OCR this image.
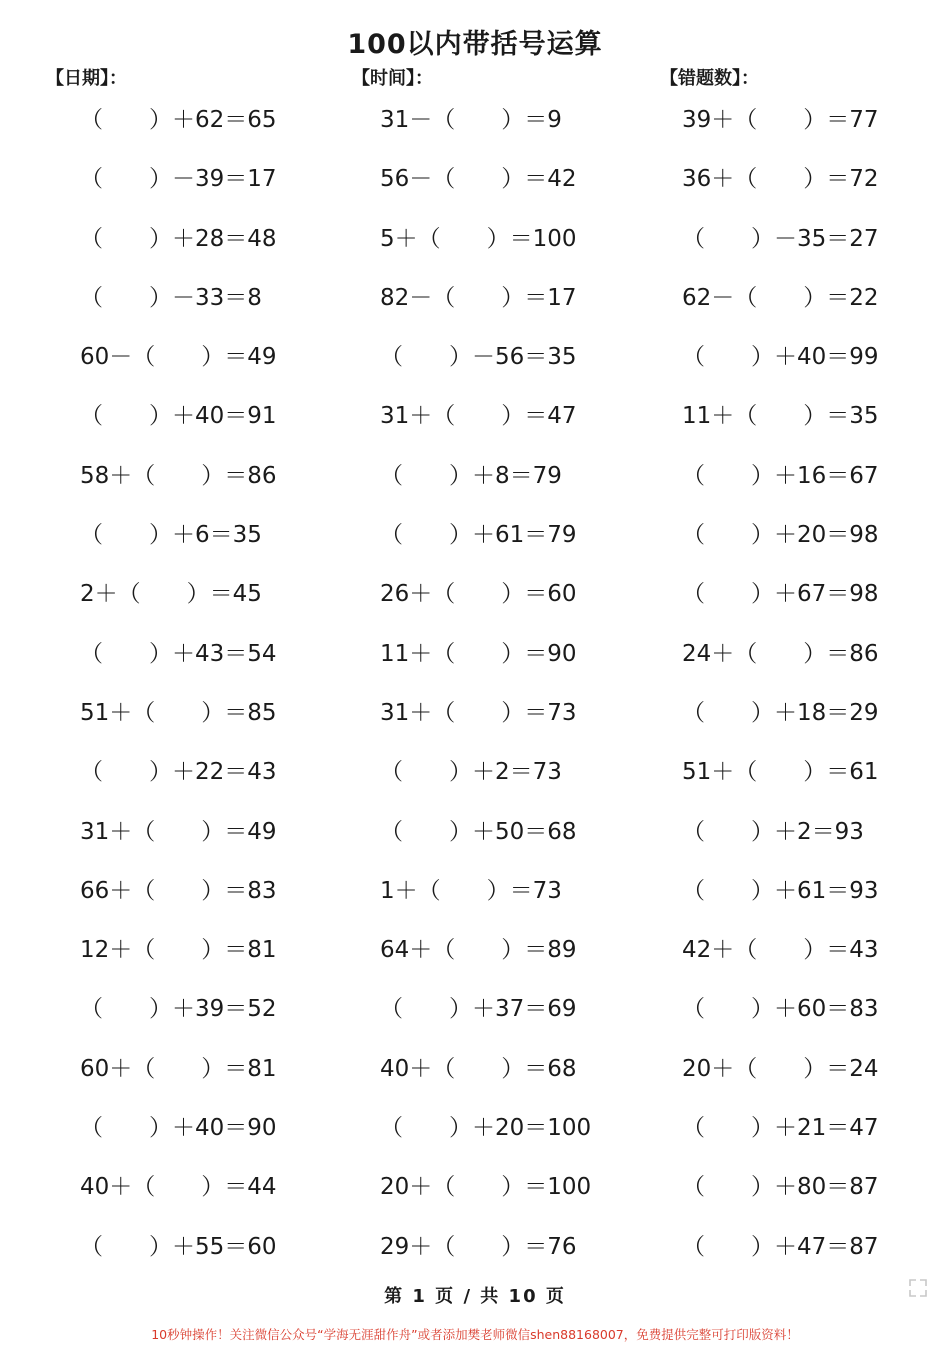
100以内带括号运算
【日期】：	【时间】：	【错题数】：
（　　）＋62＝65	31－（　　）＝9	39＋（　　）＝77
（　　）－39＝17	56－（　　）＝42	36＋（　　）＝72
（　　）＋28＝48	5＋（　　）＝100	（　　）－35＝27
（　　）－33＝8	82－（　　）＝17	62－（　　）＝22
60－（　　）＝49	（　　）－56＝35	（　　）＋40＝99
（　　）＋40＝91	31＋（　　）＝47	11＋（　　）＝35
58＋（　　）＝86	（　　）＋8＝79	（　　）＋16＝67
（　　）＋6＝35	（　　）＋61＝79	（　　）＋20＝98
2＋（　　）＝45	26＋（　　）＝60	（　　）＋67＝98
（　　）＋43＝54	11＋（　　）＝90	24＋（　　）＝86
51＋（　　）＝85	31＋（　　）＝73	（　　）＋18＝29
（　　）＋22＝43	（　　）＋2＝73	51＋（　　）＝61
31＋（　　）＝49	（　　）＋50＝68	（　　）＋2＝93
66＋（　　）＝83	1＋（　　）＝73	（　　）＋61＝93
12＋（　　）＝81	64＋（　　）＝89	42＋（　　）＝43
（　　）＋39＝52	（　　）＋37＝69	（　　）＋60＝83
60＋（　　）＝81	40＋（　　）＝68	20＋（　　）＝24
（　　）＋40＝90	（　　）＋20＝100	（　　）＋21＝47
40＋（　　）＝44	20＋（　　）＝100	（　　）＋80＝87
（　　）＋55＝60	29＋（　　）＝76	（　　）＋47＝87
第 1 页 / 共 10 页
10秒钟操作！关注微信公众号“学海无涯甜作舟”或者添加樊老师微信shen88168007，免费提供完整可打印版资料！
